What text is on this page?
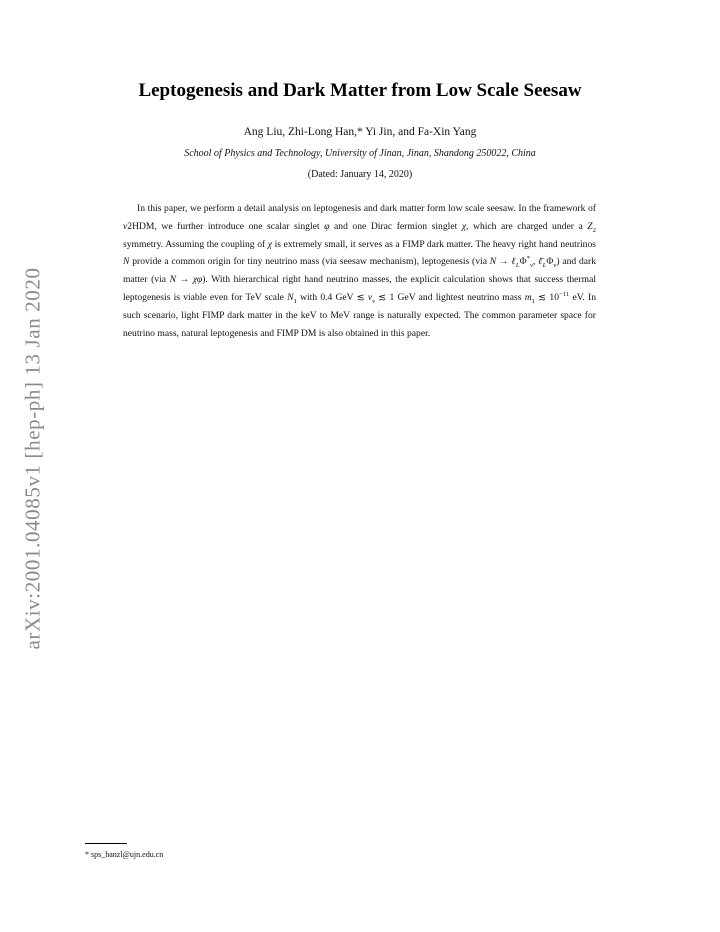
arXiv:2001.04085v1 [hep-ph] 13 Jan 2020
Leptogenesis and Dark Matter from Low Scale Seesaw
Ang Liu, Zhi-Long Han,* Yi Jin, and Fa-Xin Yang
School of Physics and Technology, University of Jinan, Jinan, Shandong 250022, China
(Dated: January 14, 2020)
In this paper, we perform a detail analysis on leptogenesis and dark matter form low scale seesaw. In the framework of ν2HDM, we further introduce one scalar singlet φ and one Dirac fermion singlet χ, which are charged under a $Z_2$ symmetry. Assuming the coupling of χ is extremely small, it serves as a FIMP dark matter. The heavy right hand neutrinos N provide a common origin for tiny neutrino mass (via seesaw mechanism), leptogenesis (via $N \to \ell_L\Phi^*_\nu$, $\ell̄_L\Phi_\nu$) and dark matter (via N → χφ). With hierarchical right hand neutrino masses, the explicit calculation shows that success thermal leptogenesis is viable even for TeV scale $N_1$ with 0.4 GeV ≲ $v_\nu$ ≲ 1 GeV and lightest neutrino mass $m_1$ ≲ $10^{-11}$ eV. In such scenario, light FIMP dark matter in the keV to MeV range is naturally expected. The common parameter space for neutrino mass, natural leptogenesis and FIMP DM is also obtained in this paper.
* sps_hanzl@ujn.edu.cn
